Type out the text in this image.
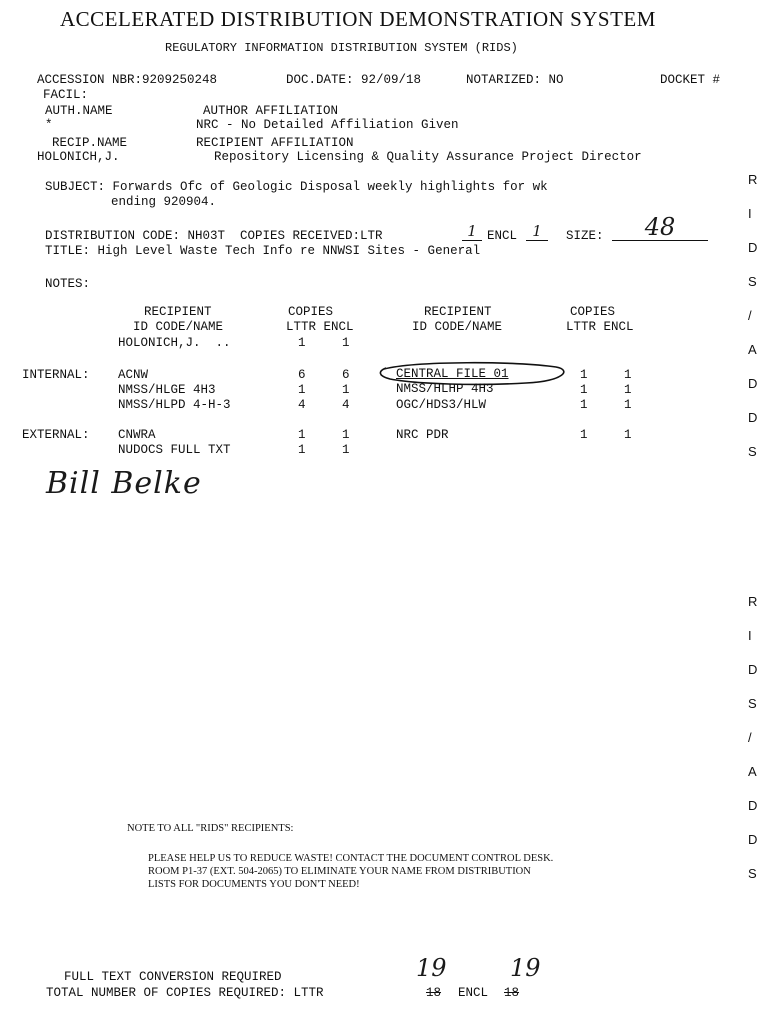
ACCELERATED DISTRIBUTION DEMONSTRATION SYSTEM
REGULATORY INFORMATION DISTRIBUTION SYSTEM (RIDS)
ACCESSION NBR:9209250248	DOC.DATE: 92/09/18	NOTARIZED: NO	DOCKET #
FACIL:
AUTH.NAME	AUTHOR AFFILIATION
*	NRC - No Detailed Affiliation Given
RECIP.NAME	RECIPIENT AFFILIATION
HOLONICH,J.	Repository Licensing & Quality Assurance Project Director
SUBJECT: Forwards Ofc of Geologic Disposal weekly highlights for wk
ending 920904.
DISTRIBUTION CODE: NH03T  COPIES RECEIVED:LTR	1 ENCL	1	SIZE:	48
TITLE: High Level Waste Tech Info re NNWSI Sites - General
NOTES:
RECIPIENT
ID CODE/NAME
COPIES
LTTR ENCL
RECIPIENT
ID CODE/NAME
COPIES
LTTR ENCL
HOLONICH,J.  ..	1	1
INTERNAL: ACNW	6	6	CENTRAL FILE 01	1	1
NMSS/HLGE 4H3	1	1	NMSS/HLHP 4H3	1	1
NMSS/HLPD 4-H-3	4	4	OGC/HDS3/HLW	1	1
EXTERNAL: CNWRA	1	1	NRC PDR	1	1
NUDOCS FULL TXT	1	1
Bill Belke
NOTE TO ALL "RIDS" RECIPIENTS:
PLEASE HELP US TO REDUCE WASTE! CONTACT THE DOCUMENT CONTROL DESK.
ROOM P1-37 (EXT. 504-2065) TO ELIMINATE YOUR NAME FROM DISTRIBUTION
LISTS FOR DOCUMENTS YOU DON'T NEED!
FULL TEXT CONVERSION REQUIRED
TOTAL NUMBER OF COPIES REQUIRED: LTTR	18
19
ENCL 18
19
R
I
D
S
/
A
D
D
S
R
I
D
S
/
A
D
D
S
